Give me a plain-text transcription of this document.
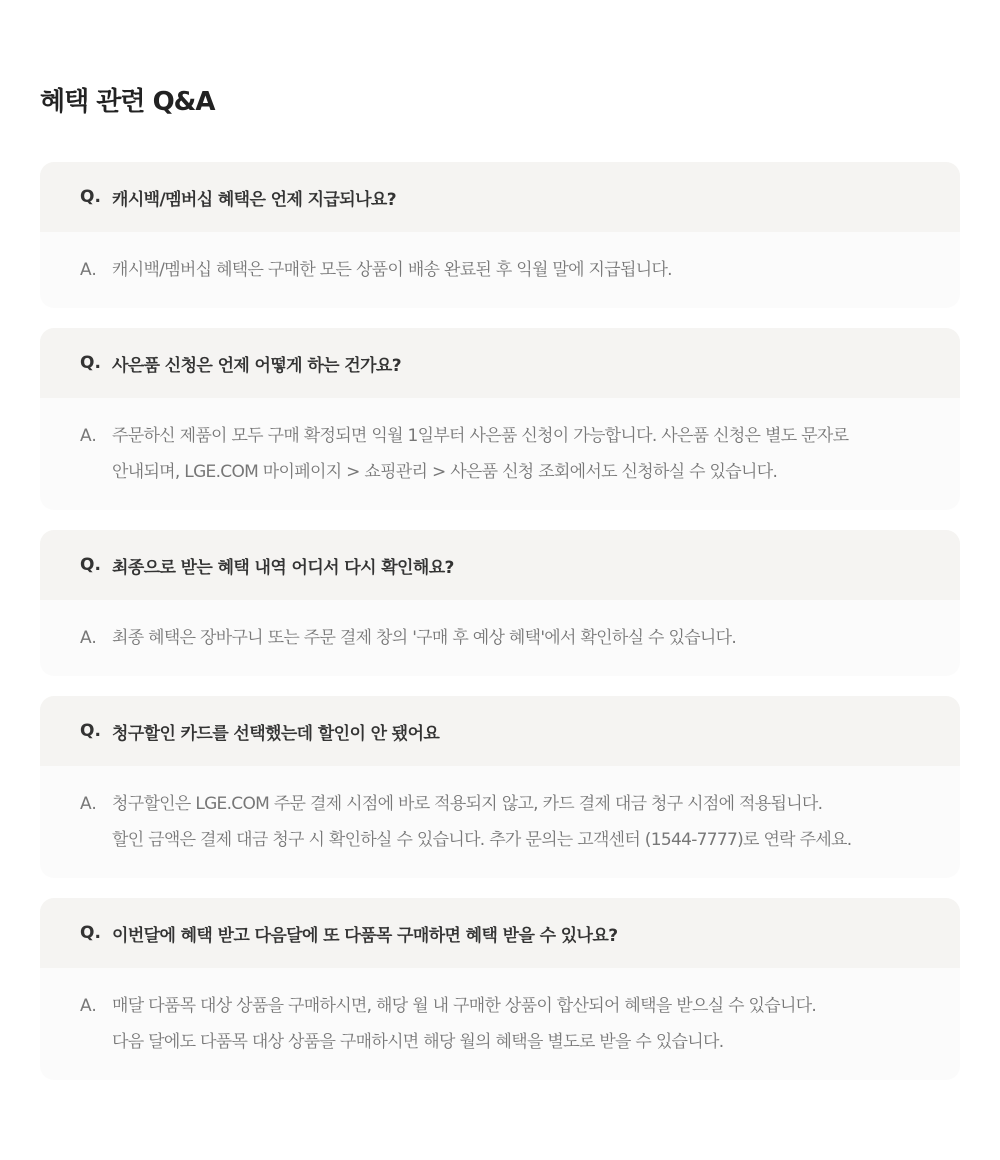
혜택 관련 Q&A
Q. 캐시백/멤버십 혜택은 언제 지급되나요?
A. 캐시백/멤버십 혜택은 구매한 모든 상품이 배송 완료된 후 익월 말에 지급됩니다.
Q. 사은품 신청은 언제 어떻게 하는 건가요?
A. 주문하신 제품이 모두 구매 확정되면 익월 1일부터 사은품 신청이 가능합니다. 사은품 신청은 별도 문자로
안내되며, LGE.COM 마이페이지 > 쇼핑관리 > 사은품 신청 조회에서도 신청하실 수 있습니다.
Q. 최종으로 받는 혜택 내역 어디서 다시 확인해요?
A. 최종 혜택은 장바구니 또는 주문 결제 창의 '구매 후 예상 혜택'에서 확인하실 수 있습니다.
Q. 청구할인 카드를 선택했는데 할인이 안 됐어요
A. 청구할인은 LGE.COM 주문 결제 시점에 바로 적용되지 않고, 카드 결제 대금 청구 시점에 적용됩니다.
할인 금액은 결제 대금 청구 시 확인하실 수 있습니다. 추가 문의는 고객센터 (1544-7777)로 연락 주세요.
Q. 이번달에 혜택 받고 다음달에 또 다품목 구매하면 혜택 받을 수 있나요?
A. 매달 다품목 대상 상품을 구매하시면, 해당 월 내 구매한 상품이 합산되어 혜택을 받으실 수 있습니다.
다음 달에도 다품목 대상 상품을 구매하시면 해당 월의 혜택을 별도로 받을 수 있습니다.
